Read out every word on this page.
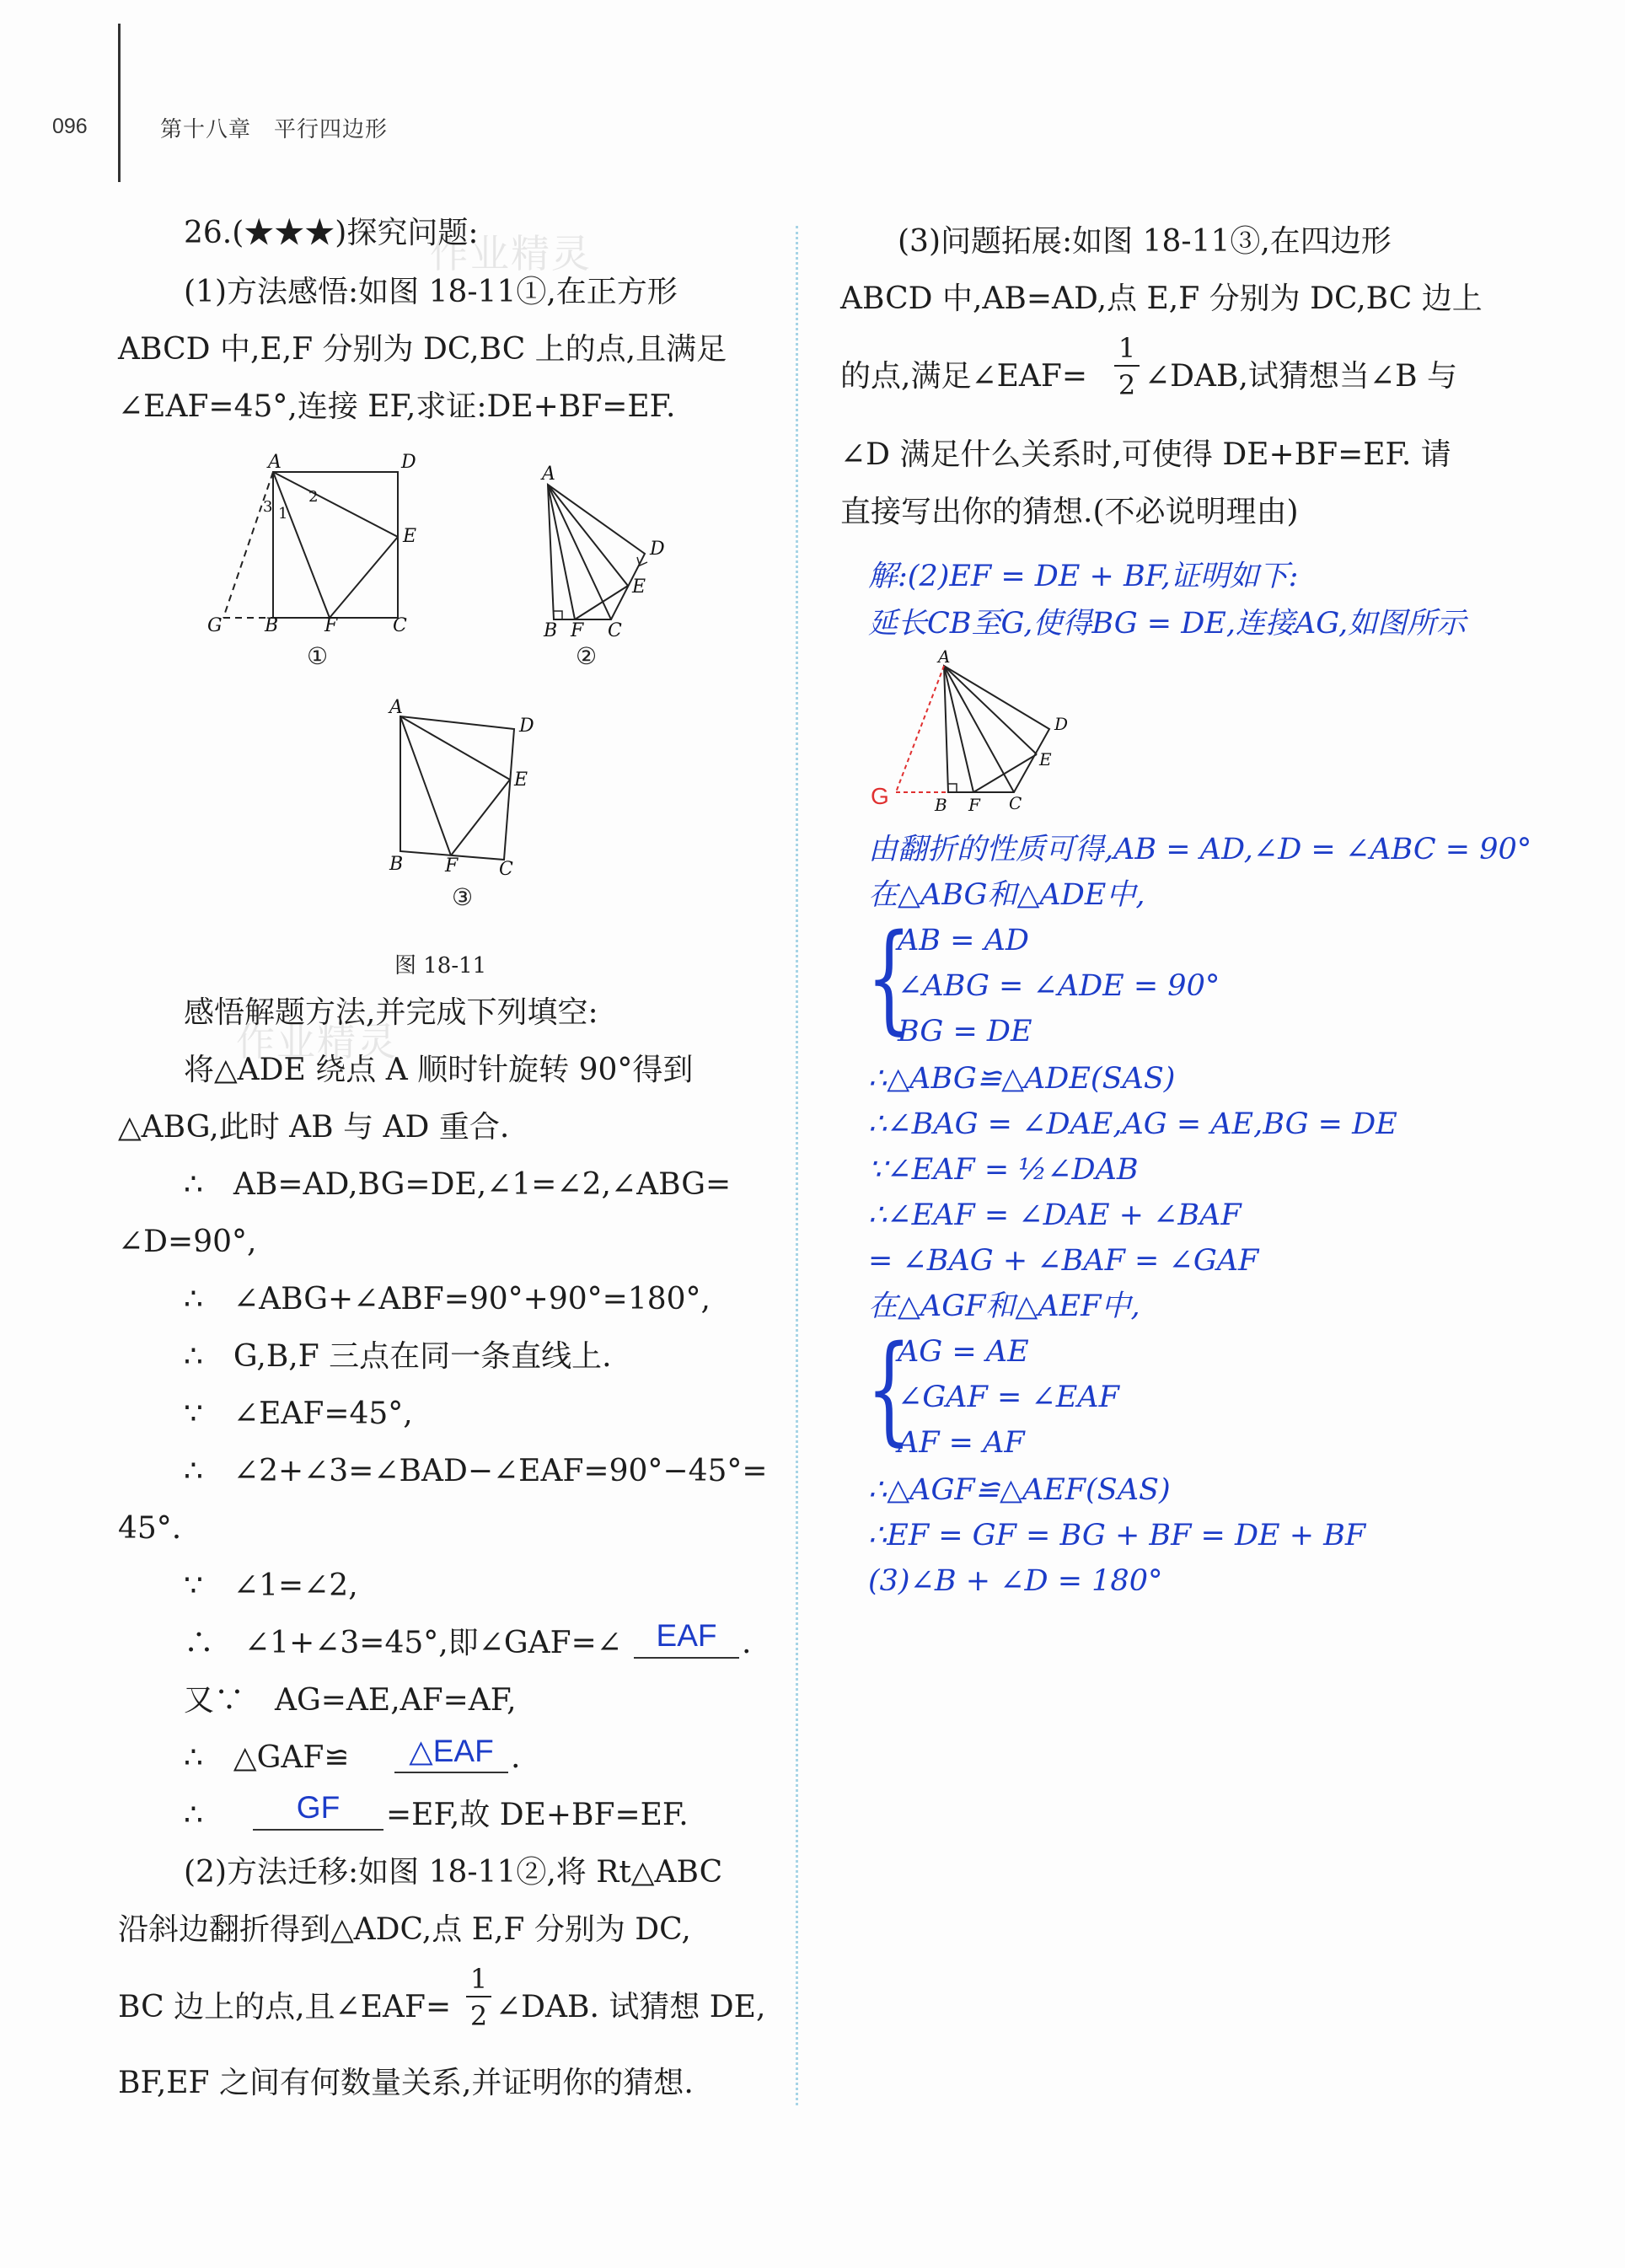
096	第十八章　平行四边形
作业精灵
作业精灵
26.(★★★)探究问题:
(1)方法感悟:如图 18-11①,在正方形
ABCD 中,E,F 分别为 DC,BC 上的点,且满足
∠EAF=45°,连接 EF,求证:DE+BF=EF.
A	D
E
B F	C
G
1
2
3
①
A
D
E
B F C
②
A
D
E
B F C
③
图 18-11
感悟解题方法,并完成下列填空:
将△ADE 绕点 A 顺时针旋转 90°得到
△ABG,此时 AB 与 AD 重合.
∴　AB=AD,BG=DE,∠1=∠2,∠ABG=
∠D=90°,
∴　∠ABG+∠ABF=90°+90°=180°,
∴　G,B,F 三点在同一条直线上.
∵　∠EAF=45°,
∴　∠2+∠3=∠BAD−∠EAF=90°−45°=
45°.
∵　∠1=∠2,
∴　∠1+∠3=45°,即∠GAF=∠	EAF .
又∵　AG=AE,AF=AF,
∴　△GAF≌	△EAF .
∴	GF	=EF,故 DE+BF=EF.
(2)方法迁移:如图 18-11②,将 Rt△ABC
沿斜边翻折得到△ADC,点 E,F 分别为 DC,
BC 边上的点,且∠EAF=
1
2 ∠DAB. 试猜想 DE,
BF,EF 之间有何数量关系,并证明你的猜想.
(3)问题拓展:如图 18-11③,在四边形
ABCD 中,AB=AD,点 E,F 分别为 DC,BC 边上
的点,满足∠EAF=
1
2 ∠DAB,试猜想当∠B 与
∠D 满足什么关系时,可使得 DE+BF=EF. 请
直接写出你的猜想.(不必说明理由)
解:(2)EF = DE + BF,证明如下:
延长CB至G,使得BG = DE,连接AG,如图所示
A
D
E
B F C
G
由翻折的性质可得,AB = AD,∠D = ∠ABC = 90°
在△ABG和△ADE中,
{
AB = AD
∠ABG = ∠ADE = 90°
BG = DE
∴△ABG≌△ADE(SAS)
∴∠BAG = ∠DAE,AG = AE,BG = DE
∵∠EAF = ½∠DAB
∴∠EAF = ∠DAE + ∠BAF
= ∠BAG + ∠BAF = ∠GAF
在△AGF和△AEF中,
{
AG = AE
∠GAF = ∠EAF
AF = AF
∴△AGF≌△AEF(SAS)
∴EF = GF = BG + BF = DE + BF
(3)∠B + ∠D = 180°
